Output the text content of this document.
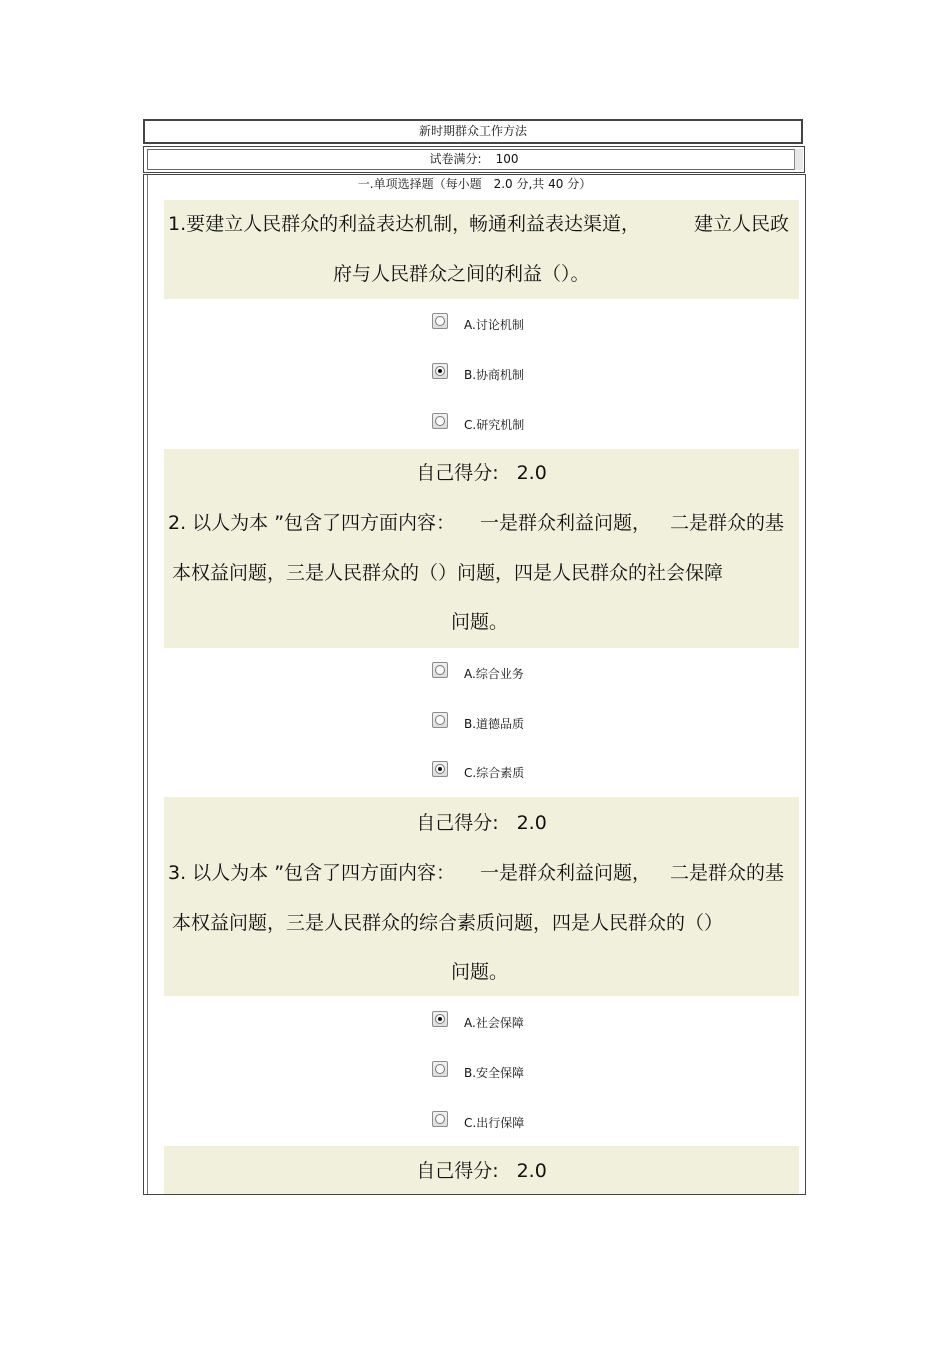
新时期群众工作方法
试卷满分: 100
一.单项选择题（每小题 2.0 分,共 40 分）
1.要建立人民群众的利益表达机制，
畅通利益表达渠道，	建立人民政
府与人民群众之间的利益（）。
A.讨论机制
B.协商机制
C.研究机制
自己得分: 2.0
2. 以人为本 ”包含了四方面内容： 一是群众利益问题， 二是群众的基
本权益问题，三是人民群众的（）问题，四是人民群众的社会保障
问题。
A.综合业务
B.道德品质
C.综合素质
自己得分: 2.0
3. 以人为本 ”包含了四方面内容： 一是群众利益问题， 二是群众的基
本权益问题，三是人民群众的综合素质问题，四是人民群众的（）
问题。
A.社会保障
B.安全保障
C.出行保障
自己得分: 2.0
